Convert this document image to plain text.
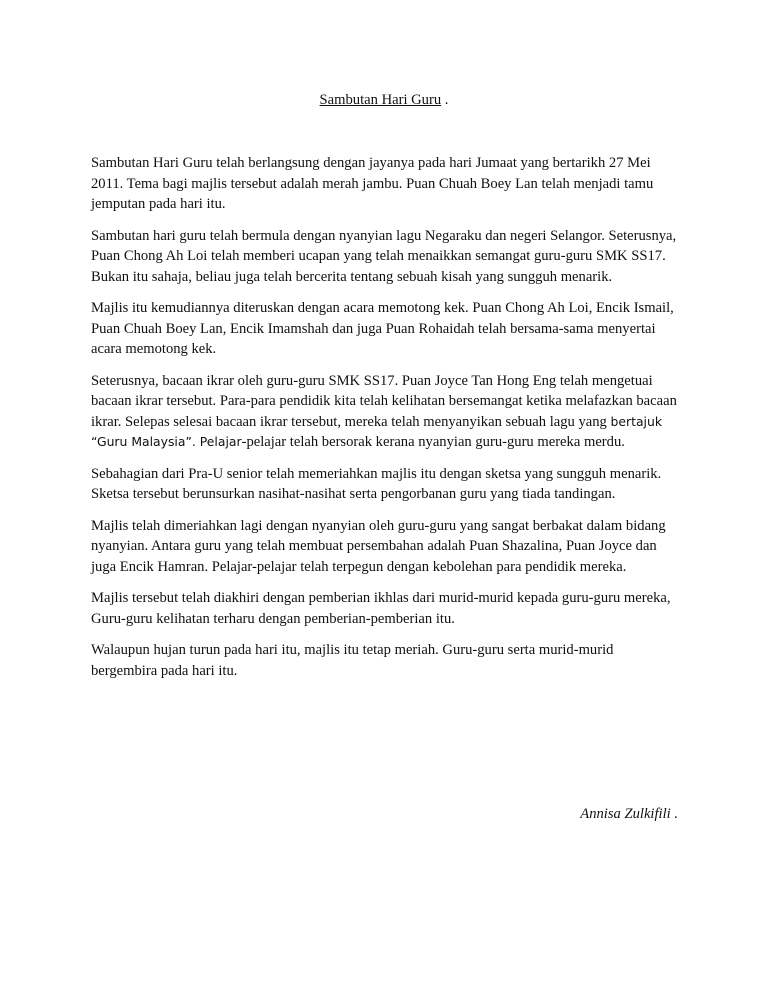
Sambutan Hari Guru .

Sambutan Hari Guru telah berlangsung dengan jayanya pada hari Jumaat yang bertarikh 27 Mei 2011. Tema bagi majlis tersebut adalah merah jambu. Puan Chuah Boey Lan telah menjadi tamu jemputan pada hari itu.

Sambutan hari guru telah bermula dengan nyanyian lagu Negaraku dan negeri Selangor. Seterusnya, Puan Chong Ah Loi telah memberi ucapan yang telah menaikkan semangat guru-guru SMK SS17. Bukan itu sahaja, beliau juga telah bercerita tentang sebuah kisah yang sungguh menarik.

Majlis itu kemudiannya diteruskan dengan acara memotong kek. Puan Chong Ah Loi, Encik Ismail, Puan Chuah Boey Lan, Encik Imamshah dan juga Puan Rohaidah telah bersama-sama menyertai acara memotong kek.

Seterusnya, bacaan ikrar oleh guru-guru SMK SS17. Puan Joyce Tan Hong Eng telah mengetuai bacaan ikrar tersebut. Para-para pendidik kita telah kelihatan bersemangat ketika melafazkan bacaan ikrar. Selepas selesai bacaan ikrar tersebut, mereka telah menyanyikan sebuah lagu yang bertajuk “Guru Malaysia”. Pelajar-pelajar telah bersorak kerana nyanyian guru-guru mereka merdu.

Sebahagian dari Pra-U senior telah memeriahkan majlis itu dengan sketsa yang sungguh menarik. Sketsa tersebut berunsurkan nasihat-nasihat serta pengorbanan guru yang tiada tandingan.

Majlis telah dimeriahkan lagi dengan nyanyian oleh guru-guru yang sangat berbakat dalam bidang nyanyian. Antara guru yang telah membuat persembahan adalah Puan Shazalina, Puan Joyce dan juga Encik Hamran. Pelajar-pelajar telah terpegun dengan kebolehan para pendidik mereka.

Majlis tersebut telah diakhiri dengan pemberian ikhlas dari murid-murid kepada guru-guru mereka, Guru-guru kelihatan terharu dengan pemberian-pemberian itu.

Walaupun hujan turun pada hari itu, majlis itu tetap meriah. Guru-guru serta murid-murid bergembira pada hari itu.

Annisa Zulkifili .
